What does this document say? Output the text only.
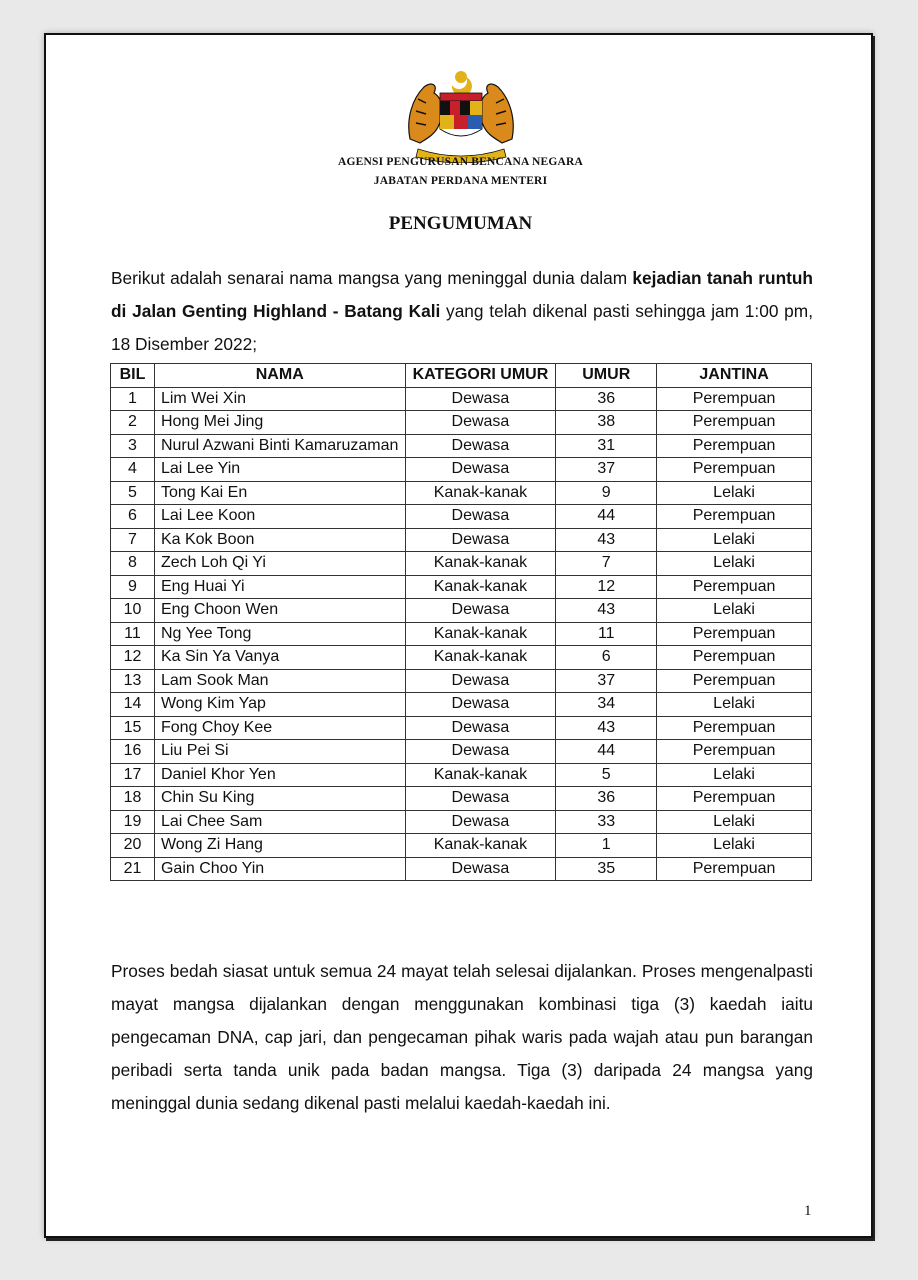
AGENSI PENGURUSAN BENCANA NEGARA
JABATAN PERDANA MENTERI
PENGUMUMAN

Berikut adalah senarai nama mangsa yang meninggal dunia dalam kejadian tanah runtuh di Jalan Genting Highland - Batang Kali yang telah dikenal pasti sehingga jam 1:00 pm, 18 Disember 2022;

BIL	NAMA	KATEGORI UMUR	UMUR	JANTINA
1	Lim Wei Xin	Dewasa	36	Perempuan
2	Hong Mei Jing	Dewasa	38	Perempuan
3	Nurul Azwani Binti Kamaruzaman	Dewasa	31	Perempuan
4	Lai Lee Yin	Dewasa	37	Perempuan
5	Tong Kai En	Kanak-kanak	9	Lelaki
6	Lai Lee Koon	Dewasa	44	Perempuan
7	Ka Kok Boon	Dewasa	43	Lelaki
8	Zech Loh Qi Yi	Kanak-kanak	7	Lelaki
9	Eng Huai Yi	Kanak-kanak	12	Perempuan
10	Eng Choon Wen	Dewasa	43	Lelaki
11	Ng Yee Tong	Kanak-kanak	11	Perempuan
12	Ka Sin Ya Vanya	Kanak-kanak	6	Perempuan
13	Lam Sook Man	Dewasa	37	Perempuan
14	Wong Kim Yap	Dewasa	34	Lelaki
15	Fong Choy Kee	Dewasa	43	Perempuan
16	Liu Pei Si	Dewasa	44	Perempuan
17	Daniel Khor Yen	Kanak-kanak	5	Lelaki
18	Chin Su King	Dewasa	36	Perempuan
19	Lai Chee Sam	Dewasa	33	Lelaki
20	Wong Zi Hang	Kanak-kanak	1	Lelaki
21	Gain Choo Yin	Dewasa	35	Perempuan

Proses bedah siasat untuk semua 24 mayat telah selesai dijalankan. Proses mengenalpasti mayat mangsa dijalankan dengan menggunakan kombinasi tiga (3) kaedah iaitu pengecaman DNA, cap jari, dan pengecaman pihak waris pada wajah atau pun barangan peribadi serta tanda unik pada badan mangsa. Tiga (3) daripada 24 mangsa yang meninggal dunia sedang dikenal pasti melalui kaedah-kaedah ini.

1
